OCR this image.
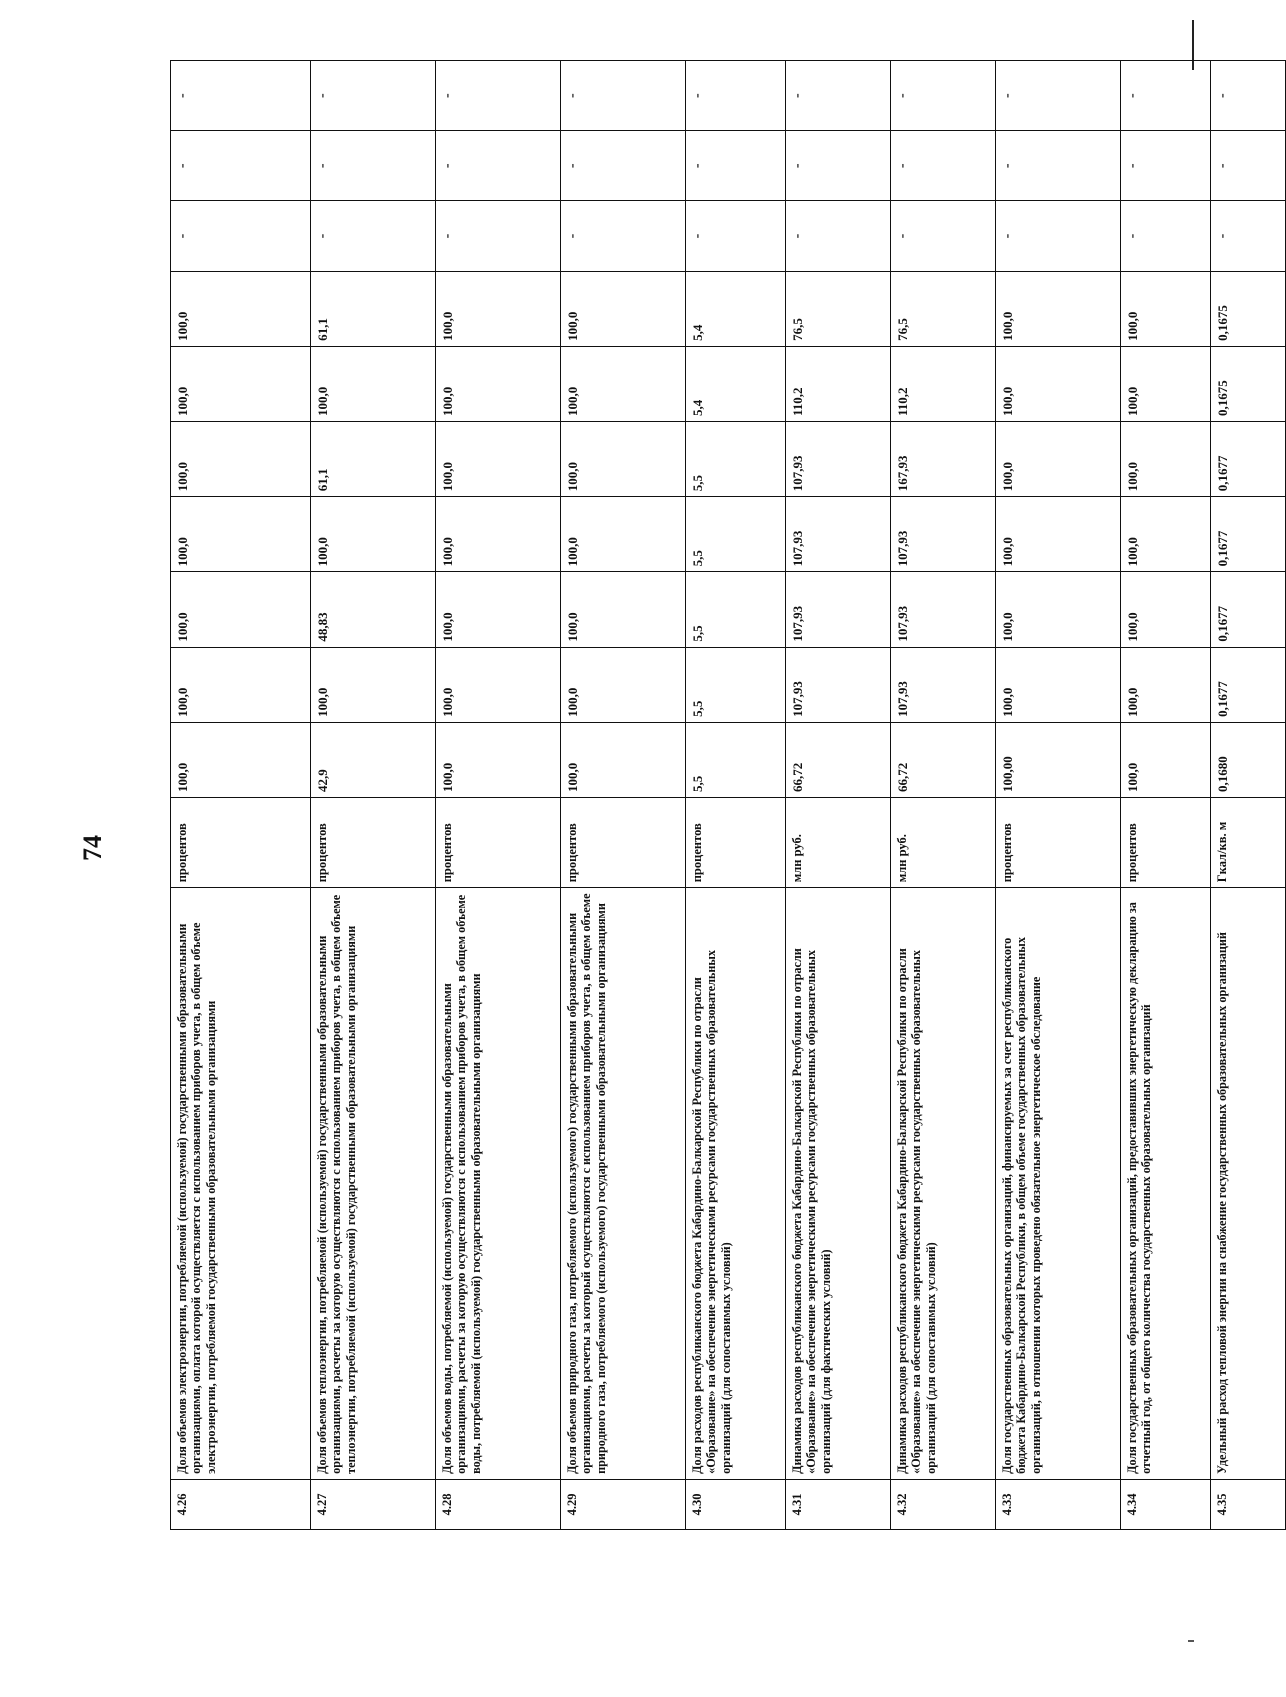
74
4.26	Доля объемов электроэнергии, потребляемой (используемой) государственными образовательными организациями, оплата которой осуществляется с использованием приборов учета, в общем объеме электроэнергии, потребляемой государственными образовательными организациями	процентов	100,0	100,0	100,0	100,0	100,0	100,0	100,0	-	-	-
4.27	Доля объемов теплоэнергии, потребляемой (используемой) государственными образовательными организациями, расчеты за которую осуществляются с использованием приборов учета, в общем объеме теплоэнергии, потребляемой (используемой) государственными образовательными организациями	процентов	42,9	100,0	48,83	100,0	61,1	100,0	61,1	-	-	-
4.28	Доля объемов воды, потребляемой (используемой) государственными образовательными организациями, расчеты за которую осуществляются с использованием приборов учета, в общем объеме воды, потребляемой (используемой) государственными образовательными организациями	процентов	100,0	100,0	100,0	100,0	100,0	100,0	100,0	-	-	-
4.29	Доля объемов природного газа, потребляемого (используемого) государственными образовательными организациями, расчеты за который осуществляются с использованием приборов учета, в общем объеме природного газа, потребляемого (используемого) государственными образовательными организациями	процентов	100,0	100,0	100,0	100,0	100,0	100,0	100,0	-	-	-
4.30	Доля расходов республиканского бюджета Кабардино-Балкарской Республики по отрасли «Образование» на обеспечение энергетическими ресурсами государственных образовательных организаций (для сопоставимых условий)	процентов	5,5	5,5	5,5	5,5	5,5	5,4	5,4	-	-	-
4.31	Динамика расходов республиканского бюджета Кабардино-Балкарской Республики по отрасли «Образование» на обеспечение энергетическими ресурсами государственных образовательных организаций (для фактических условий)	млн руб.	66,72	107,93	107,93	107,93	107,93	110,2	76,5	-	-	-
4.32	Динамика расходов республиканского бюджета Кабардино-Балкарской Республики по отрасли «Образование» на обеспечение энергетическими ресурсами государственных образовательных организаций (для сопоставимых условий)	млн руб.	66,72	107,93	107,93	107,93	167,93	110,2	76,5	-	-	-
4.33	Доля государственных образовательных организаций, финансируемых за счет республиканского бюджета Кабардино-Балкарской Республики, в общем объеме государственных образовательных организаций, в отношении которых проведено обязательное энергетическое обследование	процентов	100,00	100,0	100,0	100,0	100,0	100,0	100,0	-	-	-
4.34	Доля государственных образовательных организаций, предоставивших энергетическую декларацию за отчетный год, от общего количества государственных образовательных организаций	процентов	100,0	100,0	100,0	100,0	100,0	100,0	100,0	-	-	-
4.35	Удельный расход тепловой энергии на снабжение государственных образовательных организаций	Гкал/кв. м	0,1680	0,1677	0,1677	0,1677	0,1677	0,1675	0,1675	-	-	-
